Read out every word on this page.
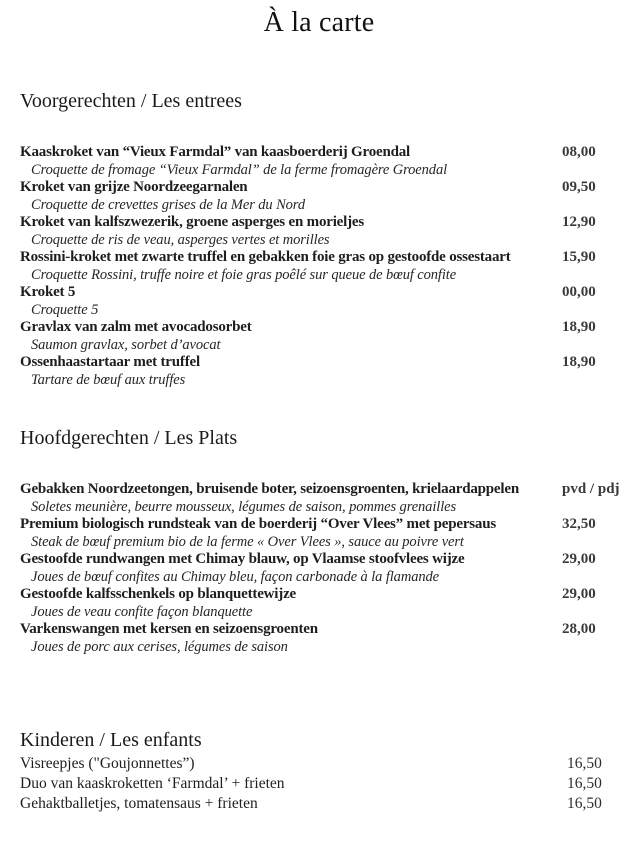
À la carte
Voorgerechten / Les entrees
Kaaskroket van “Vieux Farmdal” van kaasboerderij Groendal	08,00
Croquette de fromage “Vieux Farmdal” de la ferme fromagère Groendal
Kroket van grijze Noordzeegarnalen	09,50
Croquette de crevettes grises de la Mer du Nord
Kroket van kalfszwezerik, groene asperges en morieljes	12,90
Croquette de ris de veau, asperges vertes et morilles
Rossini-kroket met zwarte truffel en gebakken foie gras op gestoofde ossestaart	15,90
Croquette Rossini, truffe noire et foie gras poêlé sur queue de bœuf confite
Kroket 5	00,00
Croquette 5
Gravlax van zalm met avocadosorbet	18,90
Saumon gravlax, sorbet d’avocat
Ossenhaastartaar met truffel	18,90
Tartare de bœuf aux truffes
Hoofdgerechten / Les Plats
Gebakken Noordzeetongen, bruisende boter, seizoensgroenten, krielaardappelen	pvd / pdj
Soletes meunière, beurre mousseux, légumes de saison, pommes grenailles
Premium biologisch rundsteak van de boerderij “Over Vlees” met pepersaus	32,50
Steak de bœuf premium bio de la ferme « Over Vlees », sauce au poivre vert
Gestoofde rundwangen met Chimay blauw, op Vlaamse stoofvlees wijze	29,00
Joues de bœuf confites au Chimay bleu, façon carbonade à la flamande
Gestoofde kalfsschenkels op blanquettewijze	29,00
Joues de veau confite façon blanquette
Varkenswangen met kersen en seizoensgroenten	28,00
Joues de porc aux cerises, légumes de saison
Kinderen / Les enfants
Visreepjes ("Goujonnettes”)	16,50
Duo van kaaskroketten ‘Farmdal’ + frieten	16,50
Gehaktballetjes, tomatensaus + frieten	16,50
